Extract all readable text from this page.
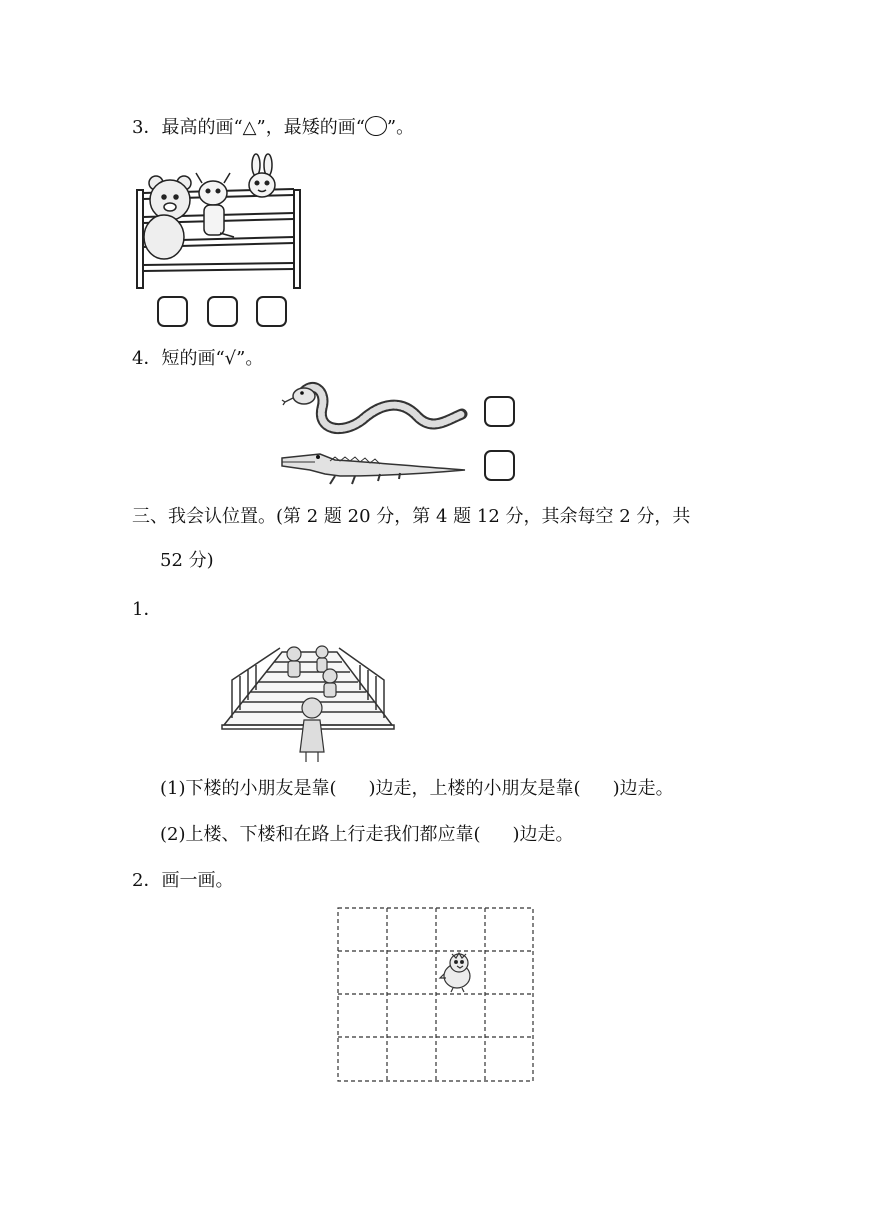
3．最高的画“△”，最矮的画“ ”。
4．短的画“√”。
三、我会认位置。(第 2 题 20 分，第 4 题 12 分，其余每空 2 分，共
52 分)
1．
(1)下楼的小朋友是靠( )边走，上楼的小朋友是靠( )边走。
(2)上楼、下楼和在路上行走我们都应靠( )边走。
2．画一画。
